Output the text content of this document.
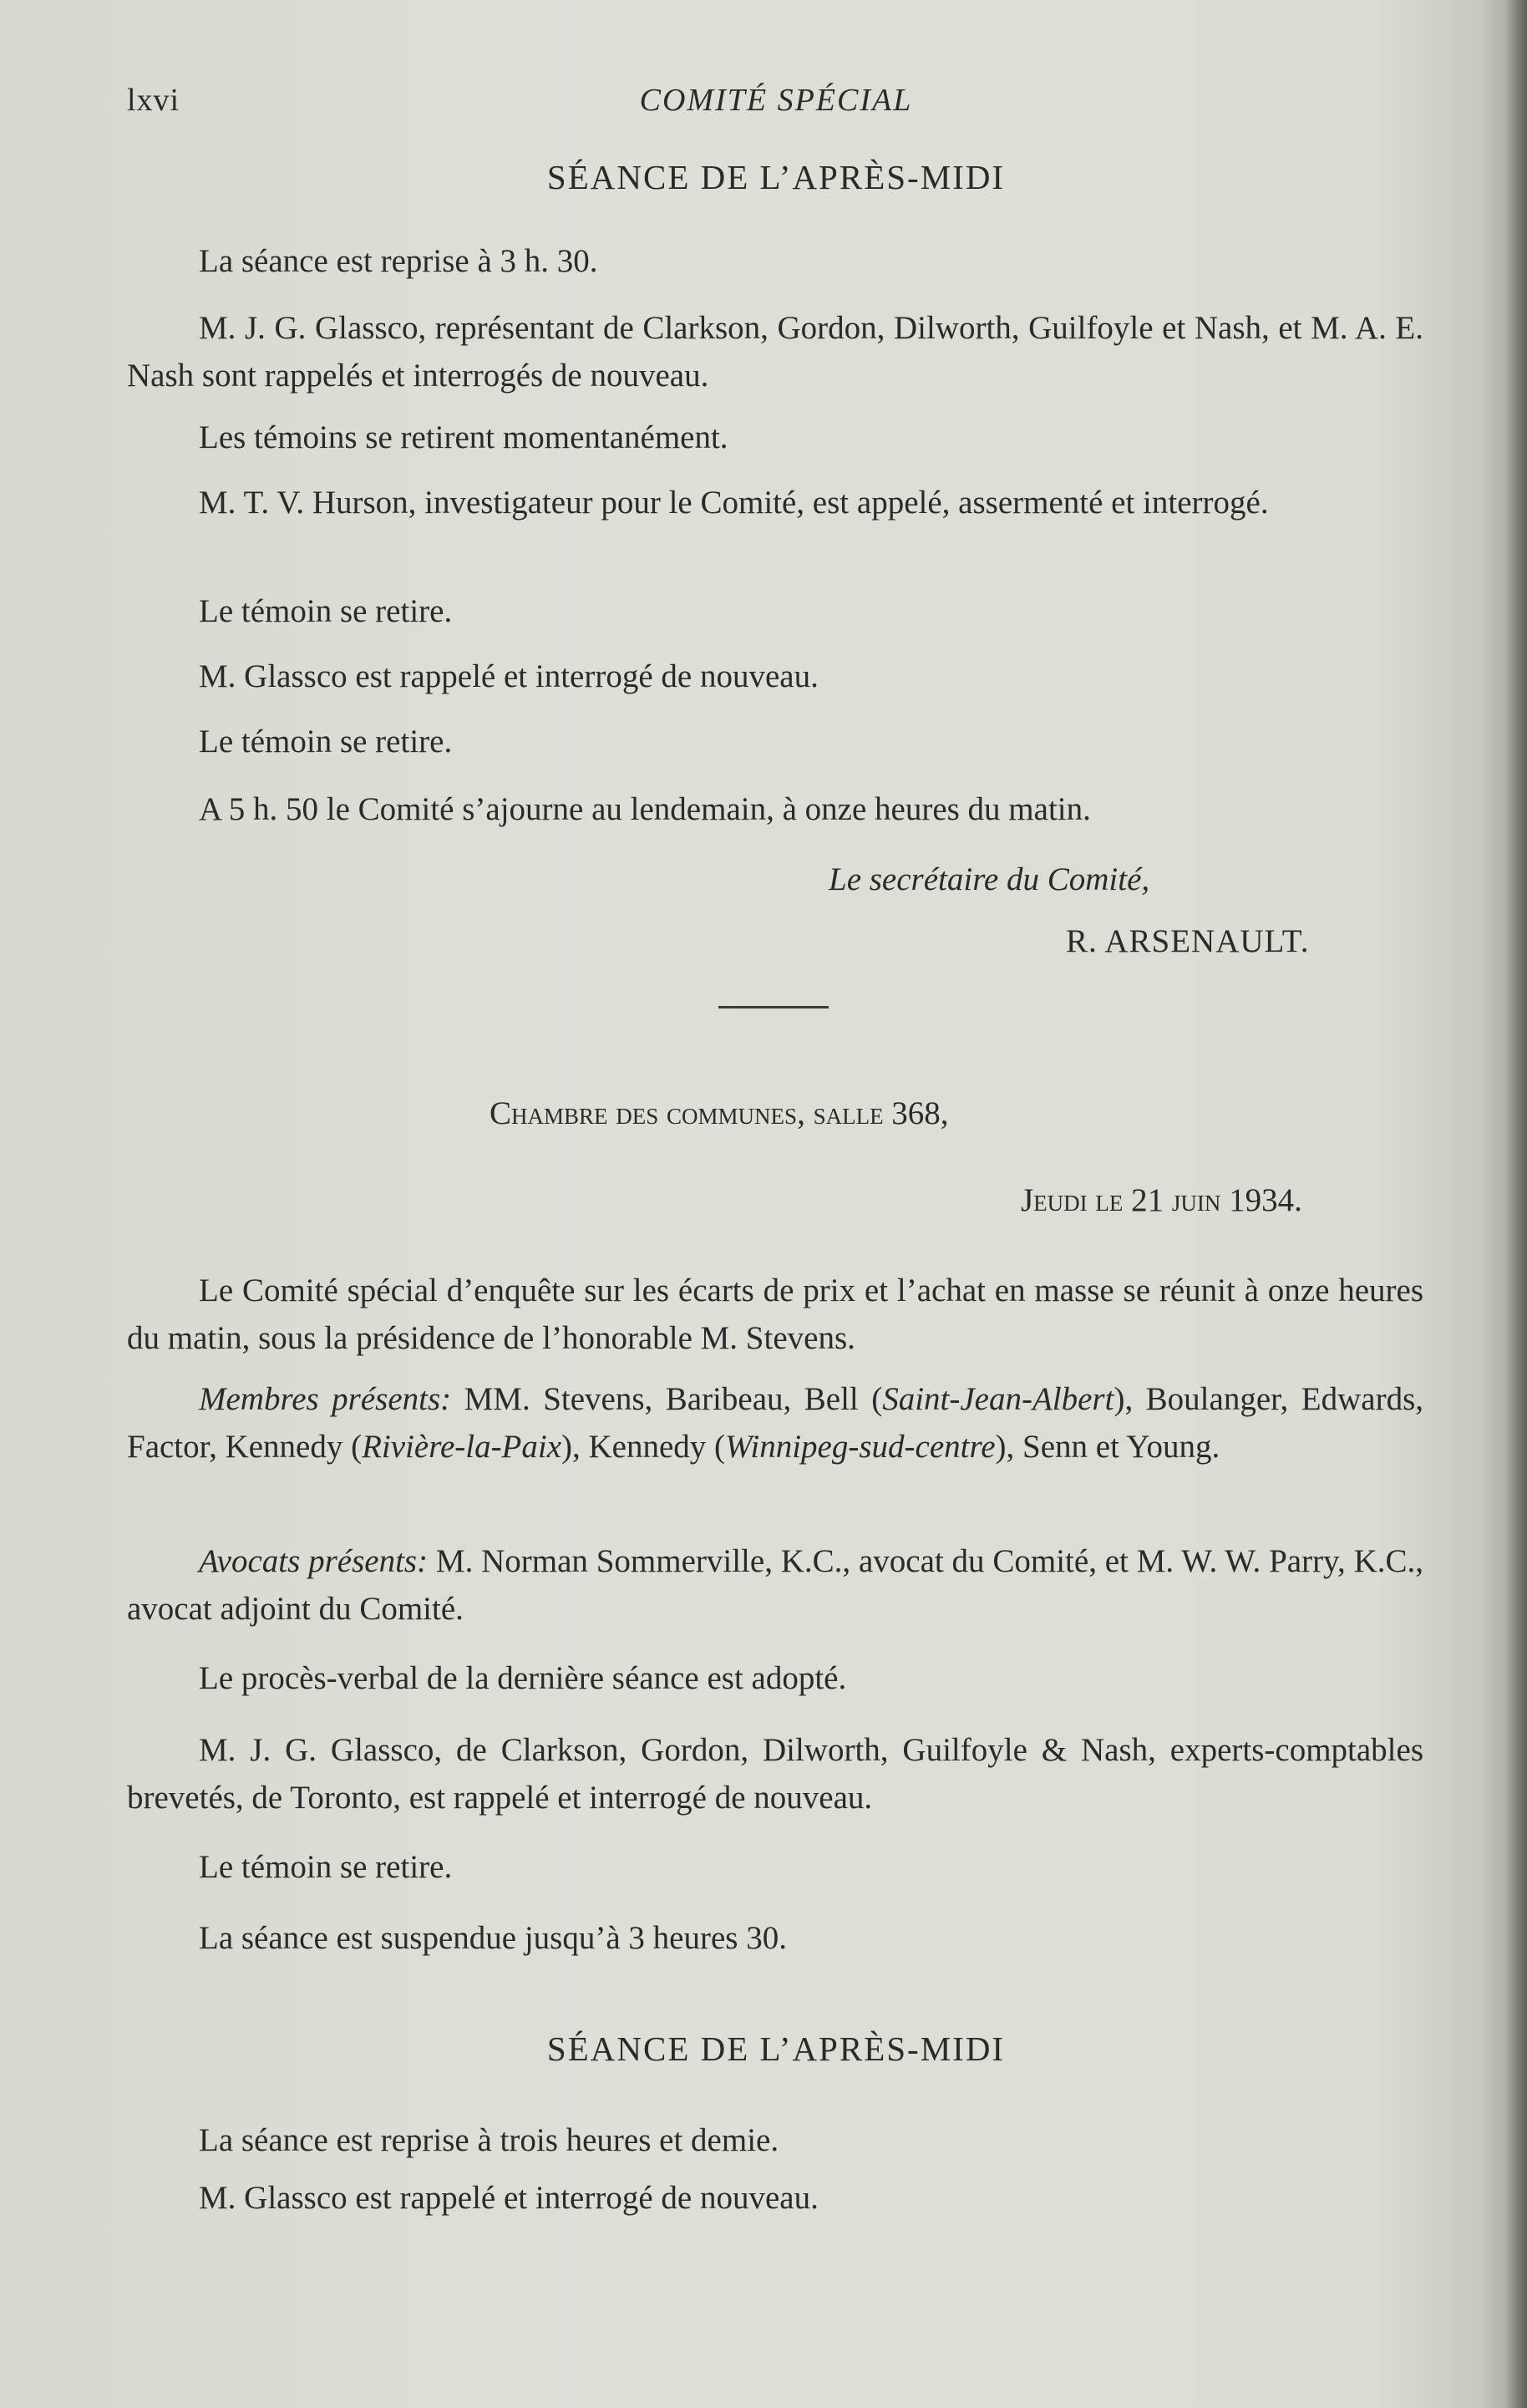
lxvi	COMITÉ SPÉCIAL
SÉANCE DE L’APRÈS-MIDI

La séance est reprise à 3 h. 30.

M. J. G. Glassco, représentant de Clarkson, Gordon, Dilworth, Guilfoyle et Nash, et M. A. E. Nash sont rappelés et interrogés de nouveau.

Les témoins se retirent momentanément.

M. T. V. Hurson, investigateur pour le Comité, est appelé, assermenté et interrogé.

Le témoin se retire.

M. Glassco est rappelé et interrogé de nouveau.

Le témoin se retire.

A 5 h. 50 le Comité s’ajourne au lendemain, à onze heures du matin.

Le secrétaire du Comité,
R. ARSENAULT.
Chambre des communes, salle 368,
Jeudi le 21 juin 1934.

Le Comité spécial d’enquête sur les écarts de prix et l’achat en masse se réunit à onze heures du matin, sous la présidence de l’honorable M. Stevens.

Membres présents: MM. Stevens, Baribeau, Bell (Saint-Jean-Albert), Boulanger, Edwards, Factor, Kennedy (Rivière-la-Paix), Kennedy (Winnipeg-sud-centre), Senn et Young.

Avocats présents: M. Norman Sommerville, K.C., avocat du Comité, et M. W. W. Parry, K.C., avocat adjoint du Comité.

Le procès-verbal de la dernière séance est adopté.

M. J. G. Glassco, de Clarkson, Gordon, Dilworth, Guilfoyle & Nash, experts-comptables brevetés, de Toronto, est rappelé et interrogé de nouveau.

Le témoin se retire.

La séance est suspendue jusqu’à 3 heures 30.

SÉANCE DE L’APRÈS-MIDI

La séance est reprise à trois heures et demie.

M. Glassco est rappelé et interrogé de nouveau.
